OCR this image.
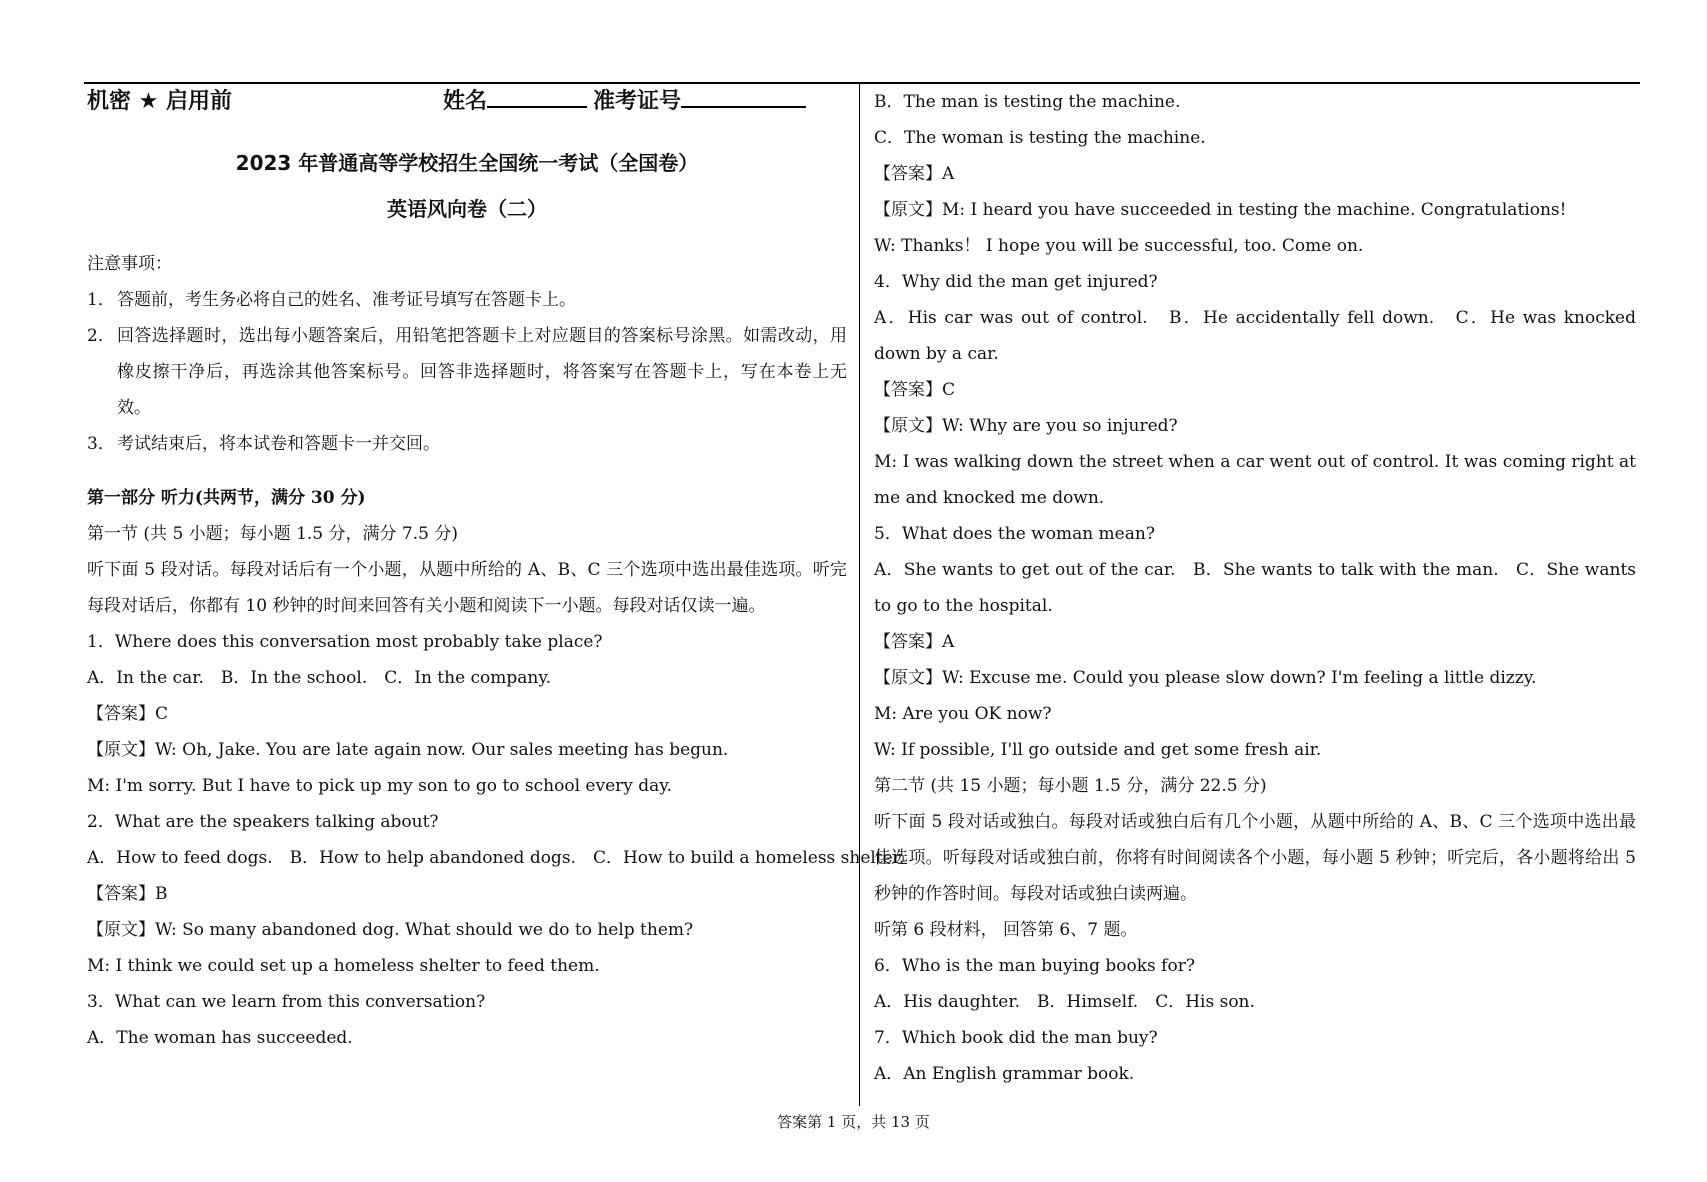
机密 ★ 启用前	姓名	准考证号
2023 年普通高等学校招生全国统一考试（全国卷）
英语风向卷（二）
注意事项：
1． 答题前，考生务必将自己的姓名、准考证号填写在答题卡上。
2． 回答选择题时，选出每小题答案后，用铅笔把答题卡上对应题目的答案标号涂黑。如需改动，用橡皮擦干净后，再选涂其他答案标号。回答非选择题时，将答案写在答题卡上，写在本卷上无效。
3． 考试结束后，将本试卷和答题卡一并交回。
第一部分 听力(共两节，满分 30 分)
第一节 (共 5 小题；每小题 1.5 分，满分 7.5 分)
听下面 5 段对话。每段对话后有一个小题，从题中所给的 A、B、C 三个选项中选出最佳选项。听完每段对话后，你都有 10 秒钟的时间来回答有关小题和阅读下一小题。每段对话仅读一遍。
1．Where does this conversation most probably take place?
A．In the car.　B．In the school.　C．In the company.
【答案】C
【原文】W: Oh, Jake. You are late again now. Our sales meeting has begun.
M: I'm sorry. But I have to pick up my son to go to school every day.
2．What are the speakers talking about?
A．How to feed dogs.　B．How to help abandoned dogs.　C．How to build a homeless shelter.
【答案】B
【原文】W: So many abandoned dog. What should we do to help them?
M: I think we could set up a homeless shelter to feed them.
3．What can we learn from this conversation?
A．The woman has succeeded.
B．The man is testing the machine.
C．The woman is testing the machine.
【答案】A
【原文】M: I heard you have succeeded in testing the machine. Congratulations!
W: Thanks！ I hope you will be successful, too. Come on.
4．Why did the man get injured?
A．His car was out of control.　B．He accidentally fell down.　C．He was knocked down by a car.
【答案】C
【原文】W: Why are you so injured?
M: I was walking down the street when a car went out of control. It was coming right at me and knocked me down.
5．What does the woman mean?
A．She wants to get out of the car.　B．She wants to talk with the man.　C．She wants to go to the hospital.
【答案】A
【原文】W: Excuse me. Could you please slow down? I'm feeling a little dizzy.
M: Are you OK now?
W: If possible, I'll go outside and get some fresh air.
第二节 (共 15 小题；每小题 1.5 分，满分 22.5 分)
听下面 5 段对话或独白。每段对话或独白后有几个小题，从题中所给的 A、B、C 三个选项中选出最佳选项。听每段对话或独白前，你将有时间阅读各个小题，每小题 5 秒钟；听完后，各小题将给出 5 秒钟的作答时间。每段对话或独白读两遍。
听第 6 段材料， 回答第 6、7 题。
6．Who is the man buying books for?
A．His daughter.　B．Himself.　C．His son.
7．Which book did the man buy?
A．An English grammar book.
答案第 1 页，共 13 页
